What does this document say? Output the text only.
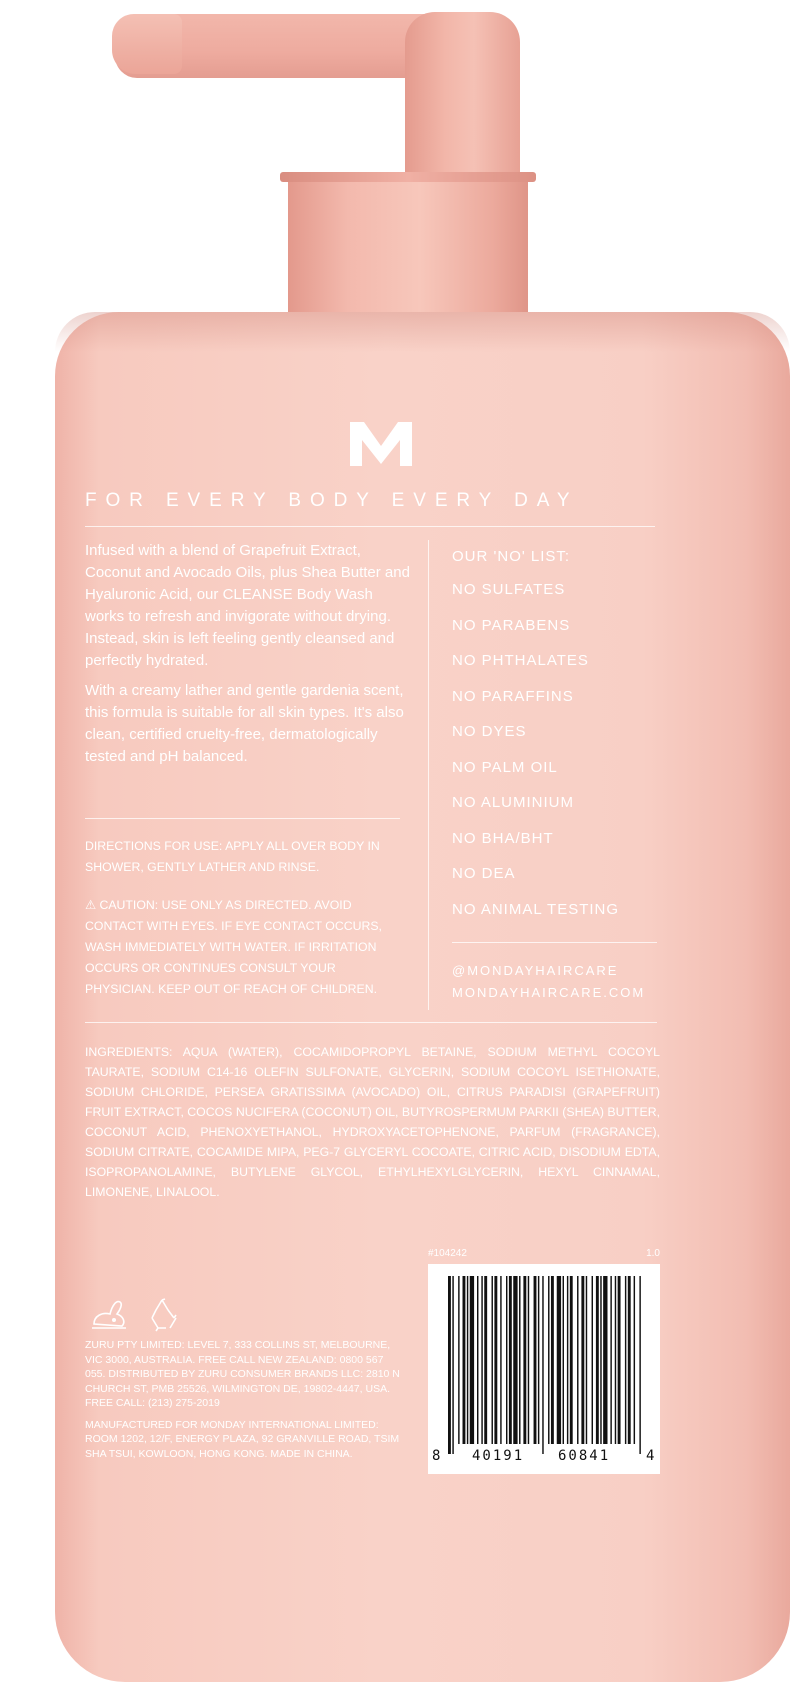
FOR EVERY BODY EVERY DAY

Infused with a blend of Grapefruit Extract, Coconut and Avocado Oils, plus Shea Butter and Hyaluronic Acid, our CLEANSE Body Wash works to refresh and invigorate without drying. Instead, skin is left feeling gently cleansed and perfectly hydrated.

With a creamy lather and gentle gardenia scent, this formula is suitable for all skin types. It's also clean, certified cruelty-free, dermatologically tested and pH balanced.

DIRECTIONS FOR USE: APPLY ALL OVER BODY IN SHOWER, GENTLY LATHER AND RINSE.
⚠ CAUTION: USE ONLY AS DIRECTED. AVOID CONTACT WITH EYES. IF EYE CONTACT OCCURS, WASH IMMEDIATELY WITH WATER. IF IRRITATION OCCURS OR CONTINUES CONSULT YOUR PHYSICIAN. KEEP OUT OF REACH OF CHILDREN.
OUR 'NO' LIST:
NO SULFATES
NO PARABENS
NO PHTHALATES
NO PARAFFINS
NO DYES
NO PALM OIL
NO ALUMINIUM
NO BHA/BHT
NO DEA
NO ANIMAL TESTING
@MONDAYHAIRCARE
MONDAYHAIRCARE.COM
INGREDIENTS: AQUA (WATER), COCAMIDOPROPYL BETAINE, SODIUM METHYL COCOYL TAURATE, SODIUM C14-16 OLEFIN SULFONATE, GLYCERIN, SODIUM COCOYL ISETHIONATE, SODIUM CHLORIDE, PERSEA GRATISSIMA (AVOCADO) OIL, CITRUS PARADISI (GRAPEFRUIT) FRUIT EXTRACT, COCOS NUCIFERA (COCONUT) OIL, BUTYROSPERMUM PARKII (SHEA) BUTTER, COCONUT ACID, PHENOXYETHANOL, HYDROXYACETOPHENONE, PARFUM (FRAGRANCE), SODIUM CITRATE, COCAMIDE MIPA, PEG-7 GLYCERYL COCOATE, CITRIC ACID, DISODIUM EDTA, ISOPROPANOLAMINE, BUTYLENE GLYCOL, ETHYLHEXYLGLYCERIN, HEXYL CINNAMAL, LIMONENE, LINALOOL.

ZURU PTY LIMITED: LEVEL 7, 333 COLLINS ST, MELBOURNE, VIC 3000, AUSTRALIA. FREE CALL NEW ZEALAND: 0800 567 055. DISTRIBUTED BY ZURU CONSUMER BRANDS LLC: 2810 N CHURCH ST, PMB 25526, WILMINGTON DE, 19802-4447, USA. FREE CALL: (213) 275-2019

MANUFACTURED FOR MONDAY INTERNATIONAL LIMITED: ROOM 1202, 12/F, ENERGY PLAZA, 92 GRANVILLE ROAD, TSIM SHA TSUI, KOWLOON, HONG KONG. MADE IN CHINA.

#104242	1.0
8 40191 60841	4
